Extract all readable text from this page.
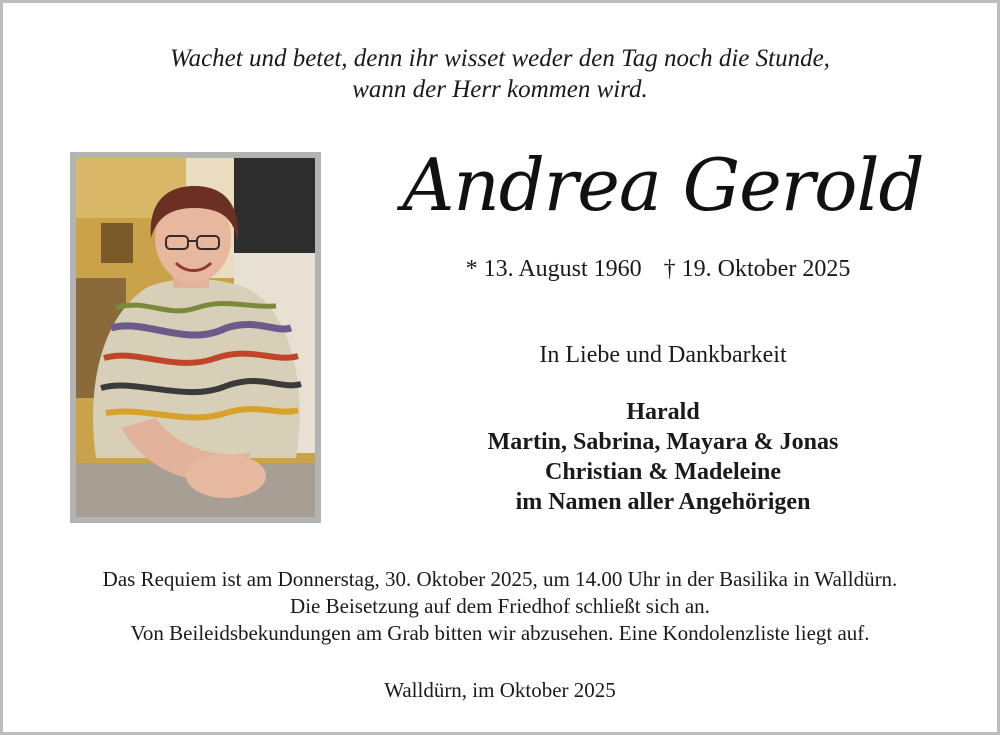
Wachet und betet, denn ihr wisset weder den Tag noch die Stunde,
wann der Herr kommen wird.
Andrea Gerold
* 13. August 1960 † 19. Oktober 2025
In Liebe und Dankbarkeit
Harald
Martin, Sabrina, Mayara & Jonas
Christian & Madeleine
im Namen aller Angehörigen
Das Requiem ist am Donnerstag, 30. Oktober 2025, um 14.00 Uhr in der Basilika in Walldürn.
Die Beisetzung auf dem Friedhof schließt sich an.
Von Beileidsbekundungen am Grab bitten wir abzusehen. Eine Kondolenzliste liegt auf.
Walldürn, im Oktober 2025
